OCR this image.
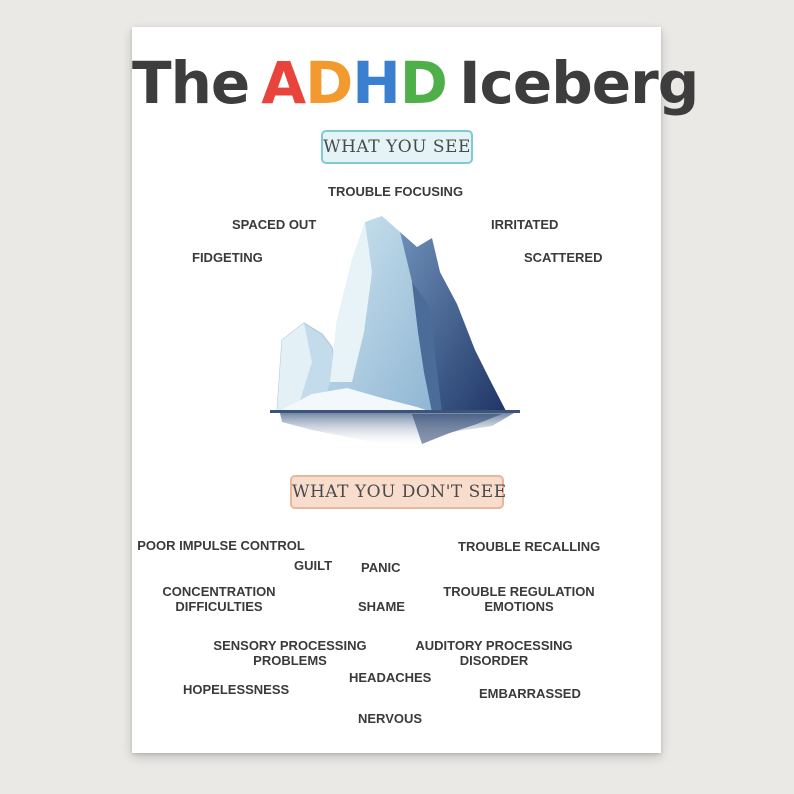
The ADHD Iceberg
WHAT YOU SEE
TROUBLE FOCUSING
SPACED OUT	IRRITATED
FIDGETING	SCATTERED
WHAT YOU DON'T SEE
POOR IMPULSE CONTROL
GUILT PANIC
TROUBLE RECALLING
CONCENTRATION DIFFICULTIES	SHAME
TROUBLE REGULATION EMOTIONS
SENSORY PROCESSING PROBLEMS
AUDITORY PROCESSING DISORDER
HEADACHES
HOPELESSNESS	EMBARRASSED
NERVOUS
